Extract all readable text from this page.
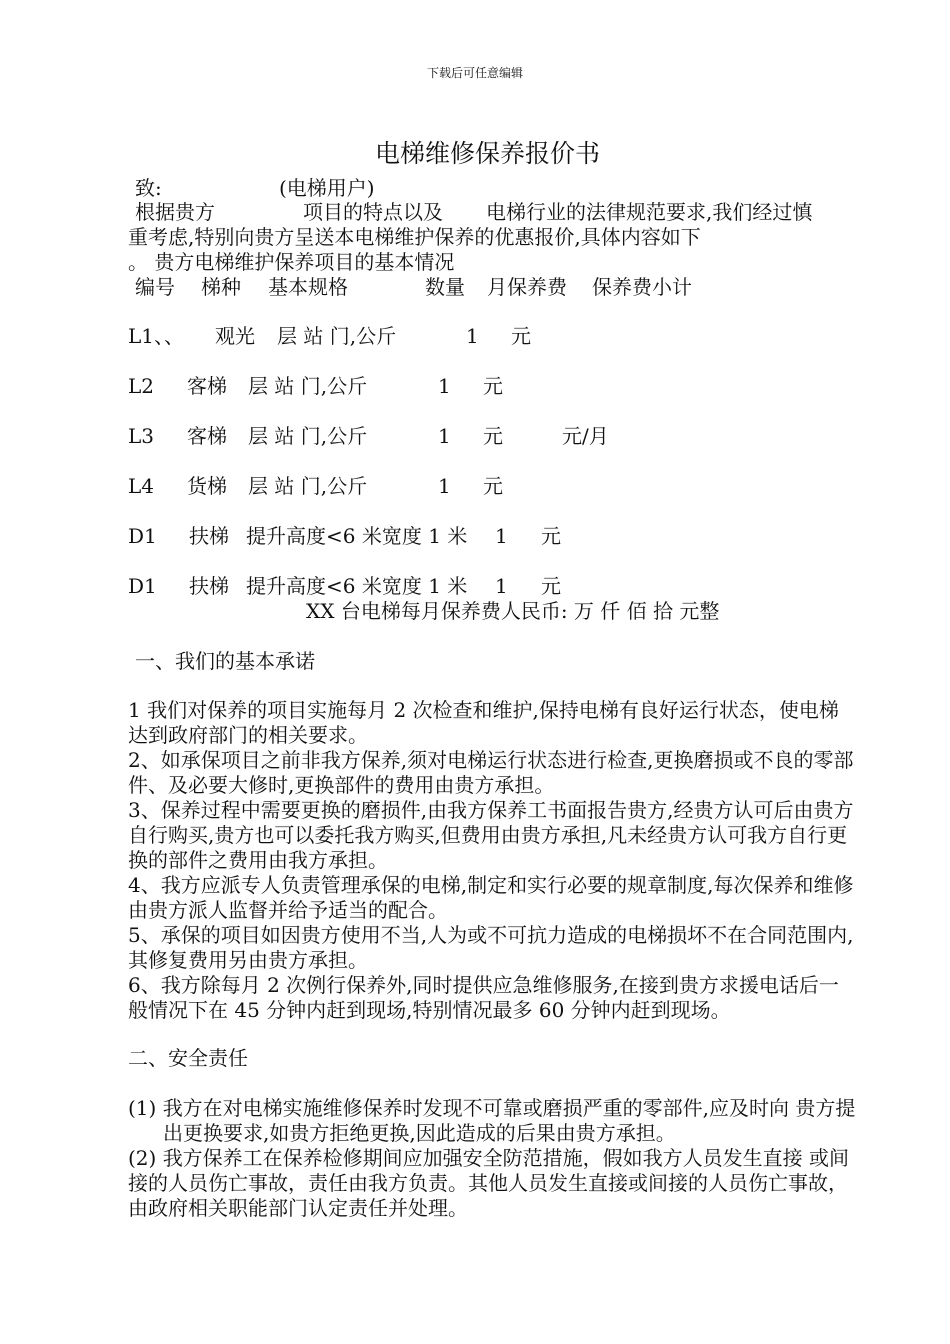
下载后可任意编辑
电梯维修保养报价书
致:	(电梯用户)
根据贵方	项目的特点以及 电梯行业的法律规范要求,我们经过慎
重考虑,特别向贵方呈送本电梯维护保养的优惠报价,具体内容如下
。 贵方电梯维护保养项目的基本情况
编号 梯种 基本规格	数量 月保养费 保养费小计
L1、、 观光 层 站 门,公斤	1 元
L2 客梯 层 站 门,公斤	1 元
L3 客梯 层 站 门,公斤	1 元	元/月
L4 货梯 层 站 门,公斤	1 元
D1 扶梯 提升高度<6 米宽度 1 米 1 元
D1 扶梯 提升高度<6 米宽度 1 米 1 元
XX 台电梯每月保养费人民币: 万 仟 佰 拾 元整
一、我们的基本承诺
1 我们对保养的项目实施每月 2 次检查和维护,保持电梯有良好运行状态，使电梯达到政府部门的相关要求。
2、如承保项目之前非我方保养,须对电梯运行状态进行检查,更换磨损或不良的零部件、及必要大修时,更换部件的费用由贵方承担。
3、保养过程中需要更换的磨损件,由我方保养工书面报告贵方,经贵方认可后由贵方自行购买,贵方也可以委托我方购买,但费用由贵方承担,凡未经贵方认可我方自行更换的部件之费用由我方承担。
4、我方应派专人负责管理承保的电梯,制定和实行必要的规章制度,每次保养和维修由贵方派人监督并给予适当的配合。
5、承保的项目如因贵方使用不当,人为或不可抗力造成的电梯损坏不在合同范围内, 其修复费用另由贵方承担。
6、我方除每月 2 次例行保养外,同时提供应急维修服务,在接到贵方求援电话后一般情况下在 45 分钟内赶到现场,特别情况最多 60 分钟内赶到现场。
二、安全责任
(1) 我方在对电梯实施维修保养时发现不可靠或磨损严重的零部件,应及时向 贵方提出更换要求,如贵方拒绝更换,因此造成的后果由贵方承担。
(2) 我方保养工在保养检修期间应加强安全防范措施，假如我方人员发生直接 或间接的人员伤亡事故，责任由我方负责。其他人员发生直接或间接的人员伤亡事故，由政府相关职能部门认定责任并处理。
